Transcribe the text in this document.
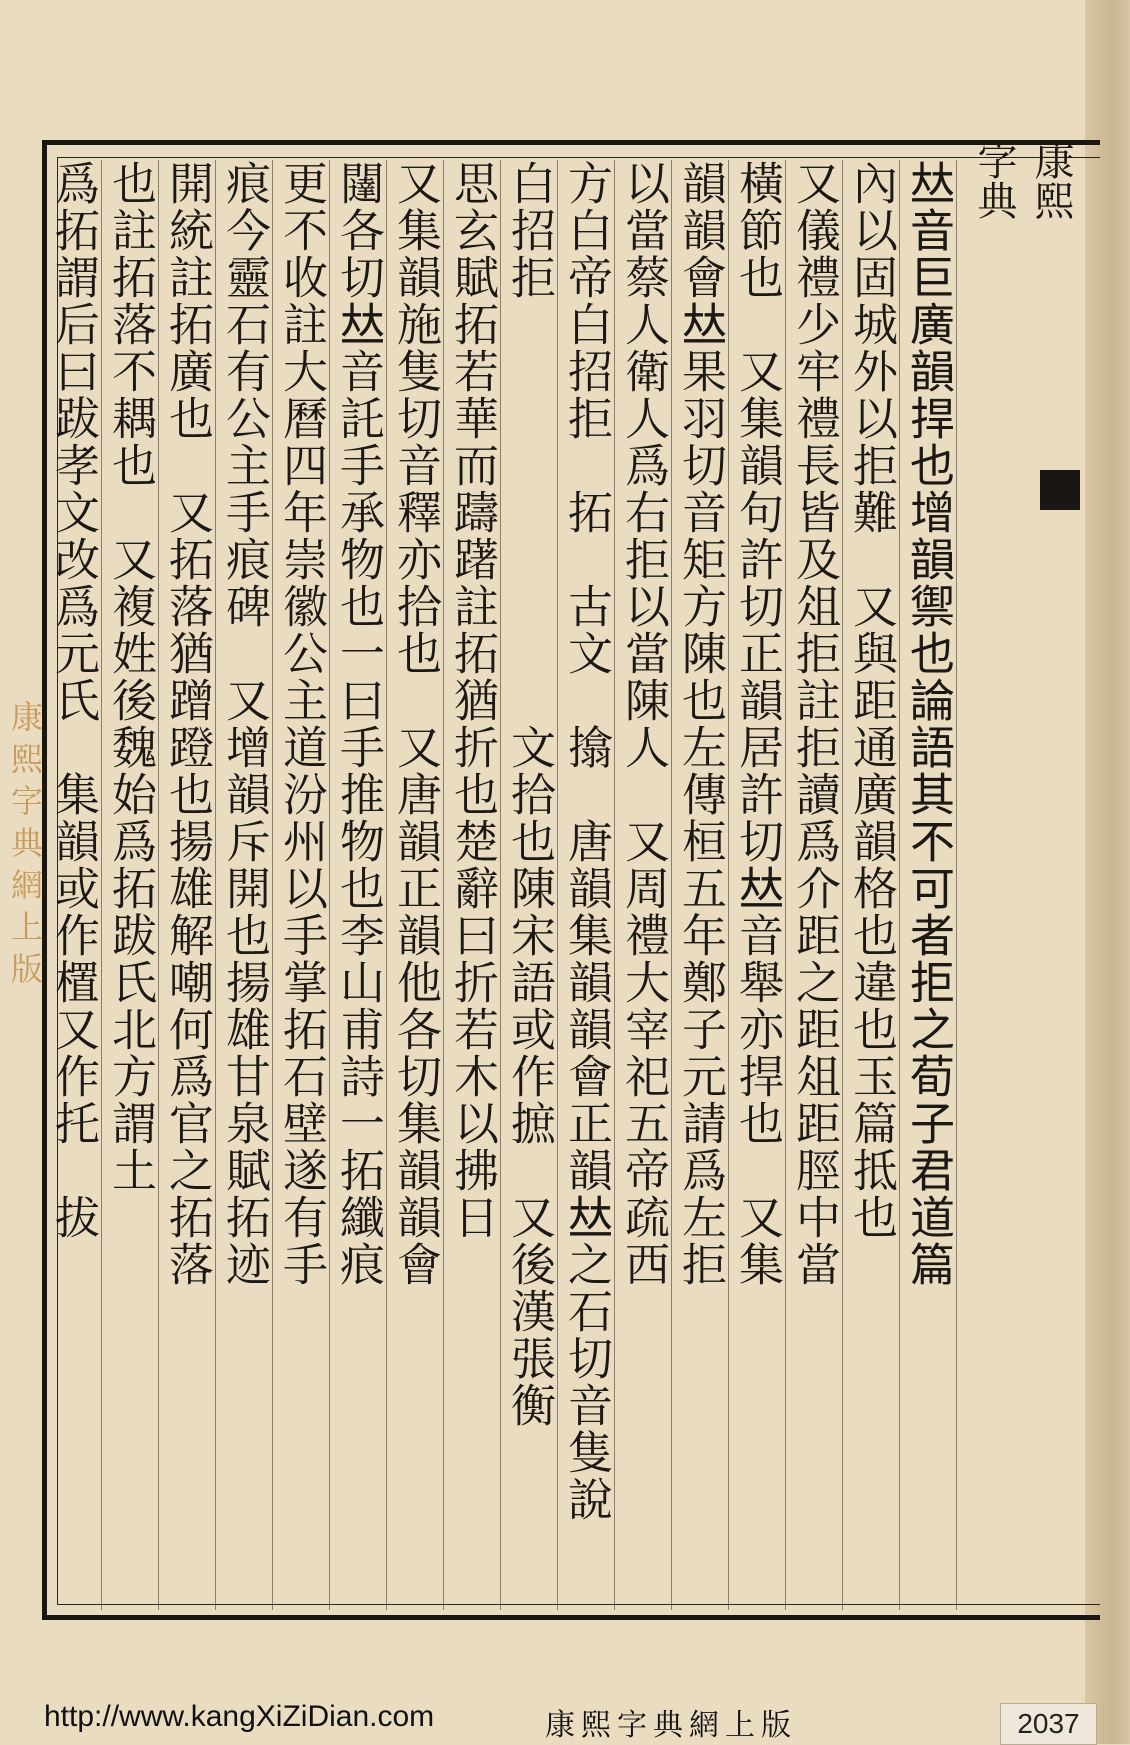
康熙字典網上版
康熙字典
𠀤音巨廣韻捍也增韻禦也論語其不可者拒之荀子君道篇
內以固城外以拒難　又與距通廣韻格也違也玉篇抵也
又儀禮少牢禮長皆及俎拒註拒讀爲介距之距俎距脛中當
橫節也　又集韻句許切正韻居許切𠀤音舉亦捍也　又集
韻韻會𠀤果羽切音矩方陳也左傳桓五年鄭子元請爲左拒
以當蔡人衛人爲右拒以當陳人　又周禮大宰祀五帝疏西
方白帝白招拒　拓　古文　㩉　唐韻集韻韻會正韻𠀤之石切音隻說
白招拒　　　　　　　　　文拾也陳宋語或作摭　又後漢張衡
思玄賦拓若華而躊躇註拓猶折也楚辭曰折若木以拂日
又集韻施隻切音釋亦拾也　又唐韻正韻他各切集韻韻會
闥各切𠀤音託手承物也一曰手推物也李山甫詩一拓纖痕
更不收註大曆四年崇徽公主道汾州以手掌拓石壁遂有手
痕今靈石有公主手痕碑　又增韻斥開也揚雄甘泉賦拓迹
開統註拓廣也　又拓落猶蹭蹬也揚雄解嘲何爲官之拓落
也註拓落不耦也　又複姓後魏始爲拓跋氏北方謂土
爲拓謂后曰跋孝文改爲元氏　集韻或作㯰又作托　拔
http://www.kangXiZiDian.com	康熙字典網上版	2037
